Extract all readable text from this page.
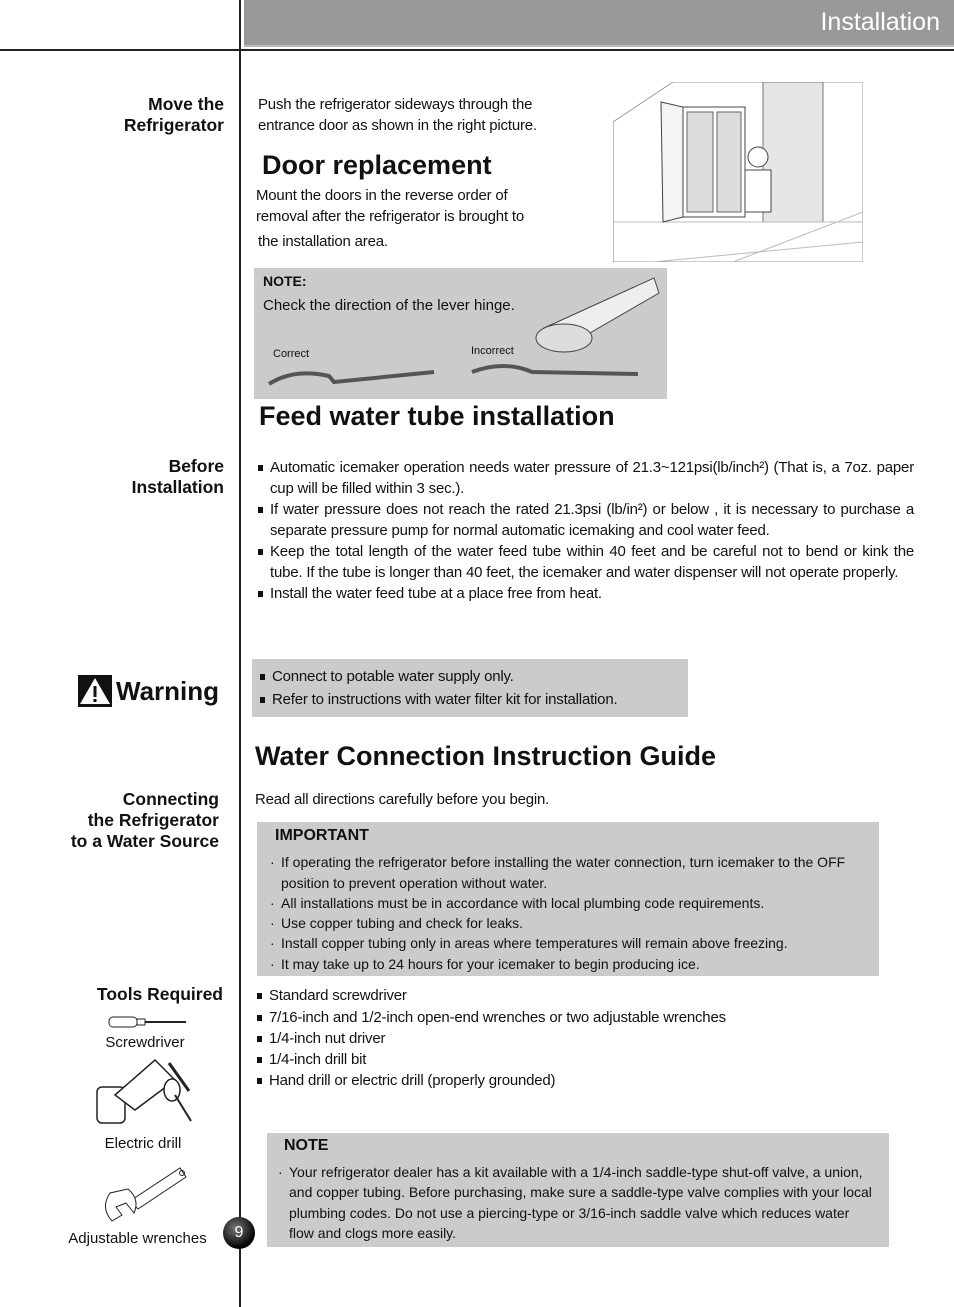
Installation
Move the
Refrigerator
Push the refrigerator sideways through the
entrance door as shown in the right picture.
Door replacement
Mount the doors in the reverse order of
removal after the refrigerator is brought to
the installation area.
NOTE:
Check the direction of the lever hinge.
Correct	Incorrect
Feed water tube installation
Before
Installation
Automatic icemaker operation needs water pressure of 21.3~121psi(lb/inch²) (That is, a 7oz. paper cup will be filled within 3 sec.).
If water pressure does not reach the rated 21.3psi (lb/in²) or below , it is necessary to purchase a separate pressure pump for normal automatic icemaking and cool water feed.
Keep the total length of the water feed tube within 40 feet and be careful not to bend or kink the tube. If the tube is longer than 40 feet, the icemaker and water dispenser will not operate properly.
Install the water feed tube at a place free from heat.
Warning	Connect to potable water supply only.
Refer to instructions with water filter kit for installation.
Water Connection Instruction Guide
Connecting
the Refrigerator
to a Water Source
Read all directions carefully before you begin.
IMPORTANT
· If operating the refrigerator before installing the water connection, turn icemaker to the OFF position to prevent operation without water.
· All installations must be in accordance with local plumbing code requirements.
· Use copper tubing and check for leaks.
· Install copper tubing only in areas where temperatures will remain above freezing.
· It may take up to 24 hours for your icemaker to begin producing ice.
Tools Required	Standard screwdriver
7/16-inch and 1/2-inch open-end wrenches or two adjustable wrenches
1/4-inch nut driver
1/4-inch drill bit
Hand drill or electric drill (properly grounded)
Screwdriver
Electric drill
Adjustable wrenches	9
NOTE
· Your refrigerator dealer has a kit available with a 1/4-inch saddle-type shut-off valve, a union, and copper tubing. Before purchasing, make sure a saddle-type valve complies with your local plumbing codes. Do not use a piercing-type or 3/16-inch saddle valve which reduces water flow and clogs more easily.
